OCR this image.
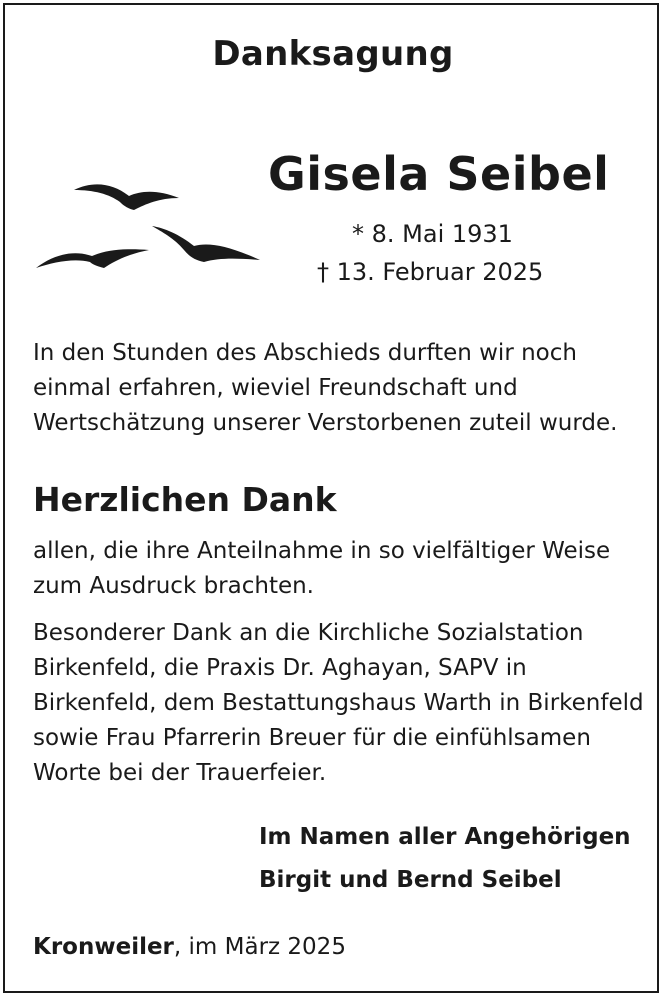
Danksagung
Gisela Seibel
* 8. Mai 1931
† 13. Februar 2025
In den Stunden des Abschieds durften wir noch
einmal erfahren, wieviel Freundschaft und
Wertschätzung unserer Verstorbenen zuteil wurde.
Herzlichen Dank
allen, die ihre Anteilnahme in so vielfältiger Weise
zum Ausdruck brachten.
Besonderer Dank an die Kirchliche Sozialstation
Birkenfeld, die Praxis Dr. Aghayan, SAPV in
Birkenfeld, dem Bestattungshaus Warth in Birkenfeld
sowie Frau Pfarrerin Breuer für die einfühlsamen
Worte bei der Trauerfeier.
Im Namen aller Angehörigen
Birgit und Bernd Seibel
Kronweiler, im März 2025
